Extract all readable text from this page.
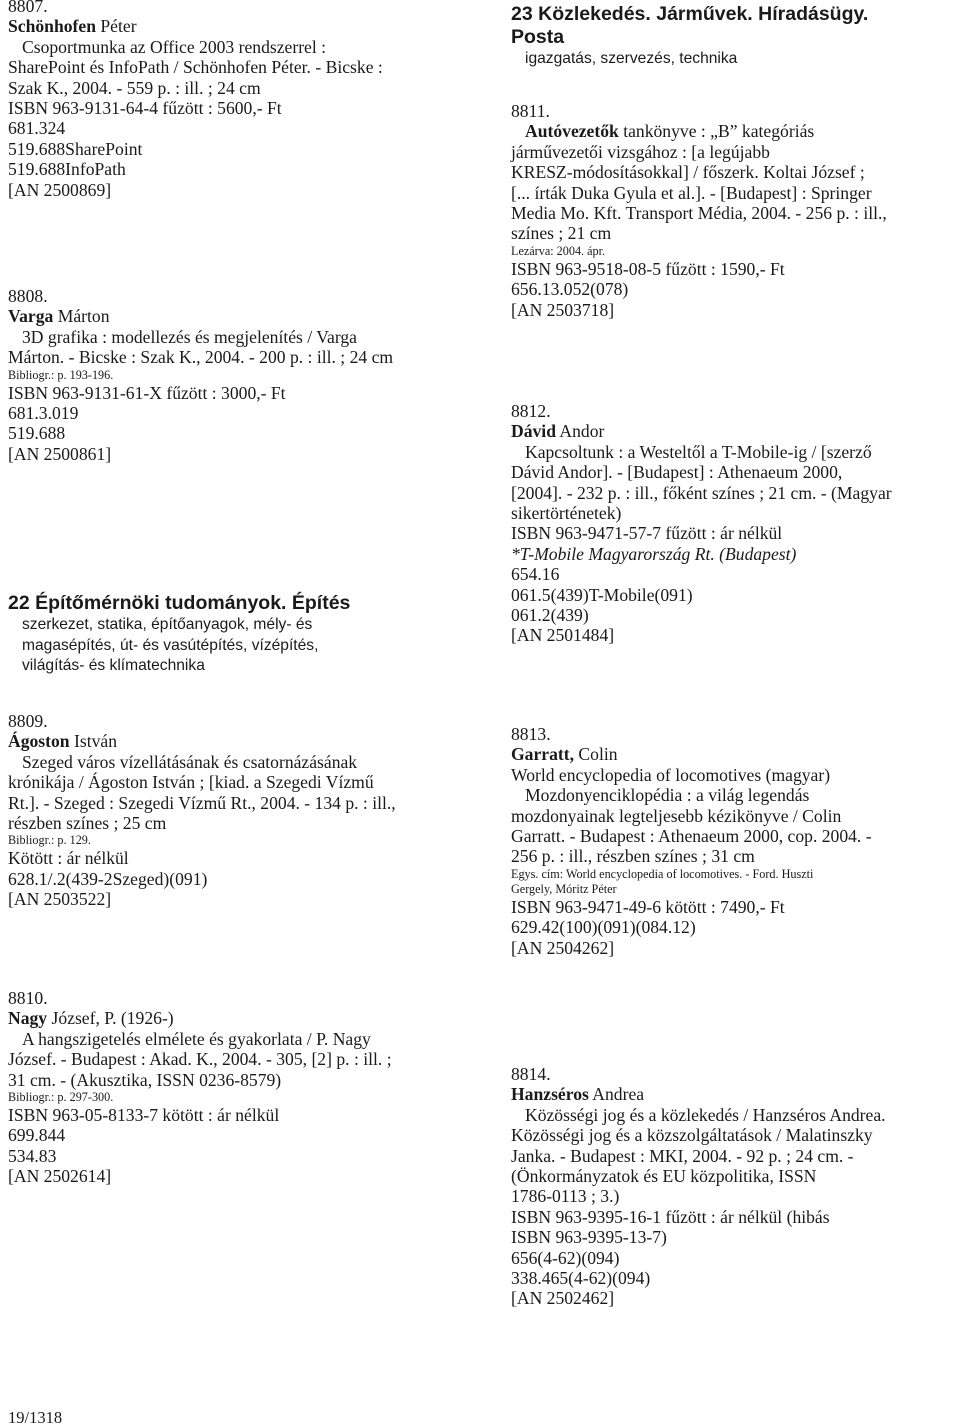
8807.
Schönhofen Péter
Csoportmunka az Office 2003 rendszerrel :
SharePoint és InfoPath / Schönhofen Péter. - Bicske :
Szak K., 2004. - 559 p. : ill. ; 24 cm
ISBN 963-9131-64-4 fűzött : 5600,- Ft
681.324
519.688SharePoint
519.688InfoPath
[AN 2500869]
8808.
Varga Márton
3D grafika : modellezés és megjelenítés / Varga
Márton. - Bicske : Szak K., 2004. - 200 p. : ill. ; 24 cm
Bibliogr.: p. 193-196.
ISBN 963-9131-61-X fűzött : 3000,- Ft
681.3.019
519.688
[AN 2500861]
22 Építőmérnöki tudományok. Építés
szerkezet, statika, építőanyagok, mély- és
magasépítés, út- és vasútépítés, vízépítés,
világítás- és klímatechnika
8809.
Ágoston István
Szeged város vízellátásának és csatornázásának
krónikája / Ágoston István ; [kiad. a Szegedi Vízmű
Rt.]. - Szeged : Szegedi Vízmű Rt., 2004. - 134 p. : ill.,
részben színes ; 25 cm
Bibliogr.: p. 129.
Kötött : ár nélkül
628.1/.2(439-2Szeged)(091)
[AN 2503522]
8810.
Nagy József, P. (1926-)
A hangszigetelés elmélete és gyakorlata / P. Nagy
József. - Budapest : Akad. K., 2004. - 305, [2] p. : ill. ;
31 cm. - (Akusztika, ISSN 0236-8579)
Bibliogr.: p. 297-300.
ISBN 963-05-8133-7 kötött : ár nélkül
699.844
534.83
[AN 2502614]
23 Közlekedés. Járművek. Híradásügy.
Posta
igazgatás, szervezés, technika
8811.
Autóvezetők tankönyve : „B” kategóriás
járművezetői vizsgához : [a legújabb
KRESZ-módosításokkal] / főszerk. Koltai József ;
[... írták Duka Gyula et al.]. - [Budapest] : Springer
Media Mo. Kft. Transport Média, 2004. - 256 p. : ill.,
színes ; 21 cm
Lezárva: 2004. ápr.
ISBN 963-9518-08-5 fűzött : 1590,- Ft
656.13.052(078)
[AN 2503718]
8812.
Dávid Andor
Kapcsoltunk : a Westeltől a T-Mobile-ig / [szerző
Dávid Andor]. - [Budapest] : Athenaeum 2000,
[2004]. - 232 p. : ill., főként színes ; 21 cm. - (Magyar
sikertörténetek)
ISBN 963-9471-57-7 fűzött : ár nélkül
*T-Mobile Magyarország Rt. (Budapest)
654.16
061.5(439)T-Mobile(091)
061.2(439)
[AN 2501484]
8813.
Garratt, Colin
World encyclopedia of locomotives (magyar)
Mozdonyenciklopédia : a világ legendás
mozdonyainak legteljesebb kézikönyve / Colin
Garratt. - Budapest : Athenaeum 2000, cop. 2004. -
256 p. : ill., részben színes ; 31 cm
Egys. cím: World encyclopedia of locomotives. - Ford. Huszti
Gergely, Móritz Péter
ISBN 963-9471-49-6 kötött : 7490,- Ft
629.42(100)(091)(084.12)
[AN 2504262]
8814.
Hanzséros Andrea
Közösségi jog és a közlekedés / Hanzséros Andrea.
Közösségi jog és a közszolgáltatások / Malatinszky
Janka. - Budapest : MKI, 2004. - 92 p. ; 24 cm. -
(Önkormányzatok és EU közpolitika, ISSN
1786-0113 ; 3.)
ISBN 963-9395-16-1 fűzött : ár nélkül (hibás
ISBN 963-9395-13-7)
656(4-62)(094)
338.465(4-62)(094)
[AN 2502462]
19/1318
